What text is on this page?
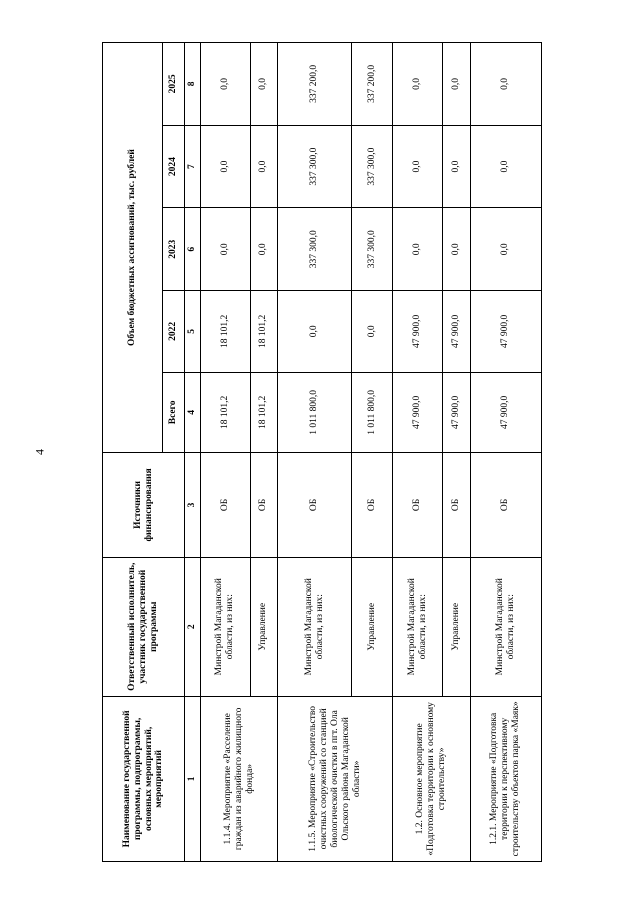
4
Наименование государственной программы, подпрограммы, основных мероприятий, мероприятий	Ответственный исполнитель, участник государственной программы	Источники финансирования	Объем бюджетных ассигнований, тыс. рублей				
			Всего	2022	2023	2024	2025
1	2	3	4	5	6	7	8
1.1.4. Мероприятие «Расселение граждан из аварийного жилищного фонда»	Минстрой Магаданской области, из них:	ОБ	18 101,2	18 101,2	0,0	0,0	0,0
	Управление	ОБ	18 101,2	18 101,2	0,0	0,0	0,0
1.1.5. Мероприятие «Строительство очистных сооружений со станцией биологической очистки в пгт. Ола Ольского района Магаданской области»	Минстрой Магаданской области, из них:	ОБ	1 011 800,0	0,0	337 300,0	337 300,0	337 200,0
	Управление	ОБ	1 011 800,0	0,0	337 300,0	337 300,0	337 200,0
1.2. Основное мероприятие «Подготовка территории к основному строительству»	Минстрой Магаданской области, из них:	ОБ	47 900,0	47 900,0	0,0	0,0	0,0
	Управление	ОБ	47 900,0	47 900,0	0,0	0,0	0,0
1.2.1. Мероприятие «Подготовка территории к перспективному строительству объектов парка «Маяк»	Минстрой Магаданской области, из них:	ОБ	47 900,0	47 900,0	0,0	0,0	0,0
